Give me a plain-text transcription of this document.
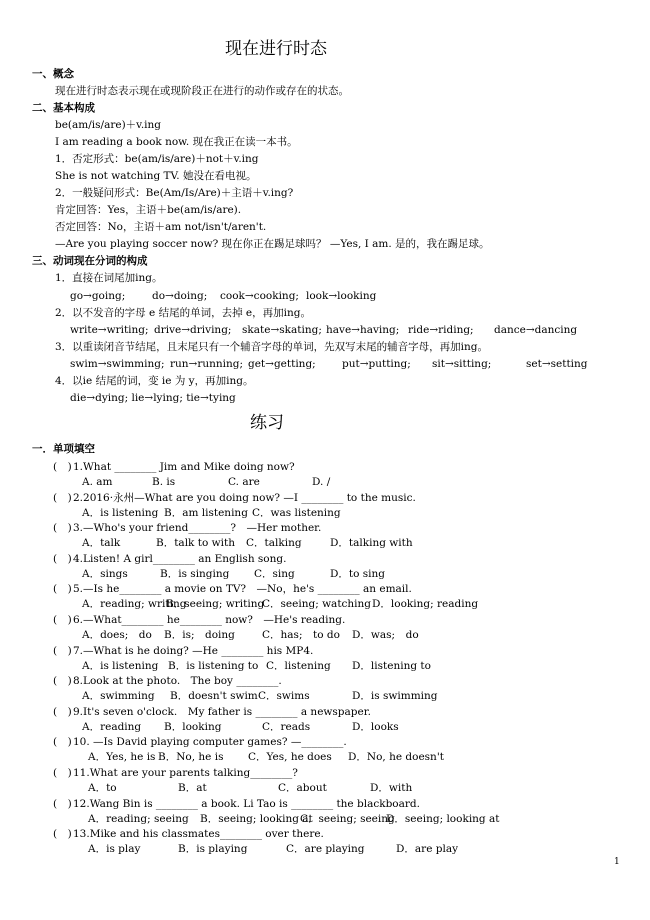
现在进行时态
一、概念
现在进行时态表示现在或现阶段正在进行的动作或存在的状态。
二、基本构成
be(am/is/are)＋v.ing
I am reading a book now. 现在我正在读一本书。
1．否定形式：be(am/is/are)＋not＋v.ing
She is not watching TV. 她没在看电视。
2．一般疑问形式：Be(Am/Is/Are)＋主语＋v.ing?
肯定回答：Yes，主语＋be(am/is/are).
否定回答：No，主语＋am not/isn't/aren't.
—Are you playing soccer now? 现在你正在踢足球吗？ —Yes, I am. 是的，我在踢足球。
三、动词现在分词的构成
1．直接在词尾加ing。

go→going;

	do→doing;

cook→cooking;

look→looking

2．以不发音的字母 e 结尾的单词，去掉 e，再加ing。

write→writing;

drive→driving;

skate→skating;

have→having;

ride→riding;

dance→dancing

3．以重读闭音节结尾，且末尾只有一个辅音字母的单词，先双写末尾的辅音字母，再加ing。

swim→swimming;

run→running;

get→getting;

	put→putting;

sit→sitting;

	set→setting

4．以ie 结尾的词，变 ie 为 y，再加ing。
die→dying; lie→lying; tie→tying
练习
一．单项填空
(　) 1.What ________ Jim and Mike doing now?
A. am	B. is	C. are	D. /
(　) 2.2016·永州—What are you doing now? —I ________ to the music.
A．is listening B．am listening C．was listening
(　) 3.—Who's your friend________?　—Her mother.
A．talk	B．talk to with C．talking	D．talking with
(　) 4.Listen! A girl________ an English song.
A．sings	B．is singing C．sing	D．to sing
(　) 5.—Is he________ a movie on TV?　—No，he's ________ an email.
A．reading; writing
B．seeing; writing
C．seeing; watching D．looking; reading
(　) 6.—What________ he________ now?　—He's reading.
A．does;　do B．is;　doing	C．has;　to do D．was;　do
(　) 7.—What is he doing? —He ________ his MP4.
A．is listening B．is listening to C．listening D．listening to
(　) 8.Look at the photo.　The boy ________.
A．swimming B．doesn't swim C．swims	D．is swimming
(　) 9.It's seven o'clock.　My father is ________ a newspaper.
A．reading B．looking	C．reads	D．looks
(　) 10. —Is David playing computer games? —________.
A．Yes, he is B．No, he is C．Yes, he does D．No, he doesn't
(　) 11.What are your parents talking________?
A．to	B．at	C．about	D．with
(　) 12.Wang Bin is ________ a book. Li Tao is ________ the blackboard.
A．reading; seeing B．seeing; looking at
C．seeing; seeing
D．seeing; looking at
(　) 13.Mike and his classmates________ over there.
A．is play	B．is playing	C．are playing	D．are play
1
